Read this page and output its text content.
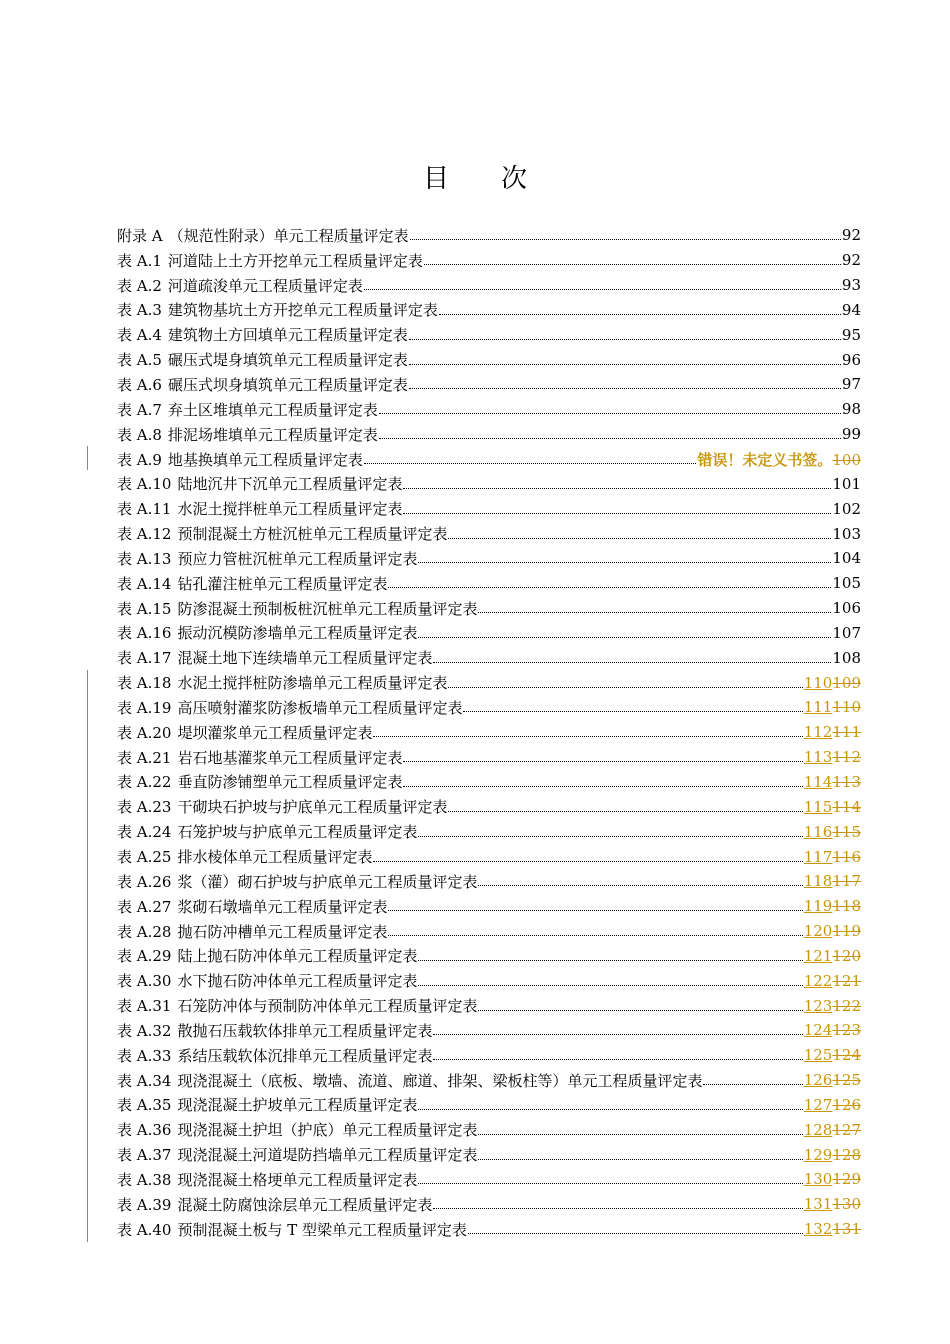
目 次
附录 A （规范性附录）单元工程质量评定表	92
表 A.1 河道陆上土方开挖单元工程质量评定表	92
表 A.2 河道疏浚单元工程质量评定表	93
表 A.3 建筑物基坑土方开挖单元工程质量评定表	94
表 A.4 建筑物土方回填单元工程质量评定表	95
表 A.5 碾压式堤身填筑单元工程质量评定表	96
表 A.6 碾压式坝身填筑单元工程质量评定表	97
表 A.7 弃土区堆填单元工程质量评定表	98
表 A.8 排泥场堆填单元工程质量评定表	99
表 A.9 地基换填单元工程质量评定表	错误！未定义书签。100
表 A.10 陆地沉井下沉单元工程质量评定表	101
表 A.11 水泥土搅拌桩单元工程质量评定表	102
表 A.12 预制混凝土方桩沉桩单元工程质量评定表	103
表 A.13 预应力管桩沉桩单元工程质量评定表	104
表 A.14 钻孔灌注桩单元工程质量评定表	105
表 A.15 防渗混凝土预制板桩沉桩单元工程质量评定表	106
表 A.16 振动沉模防渗墙单元工程质量评定表	107
表 A.17 混凝土地下连续墙单元工程质量评定表	108
表 A.18 水泥土搅拌桩防渗墙单元工程质量评定表	110109
表 A.19 高压喷射灌浆防渗板墙单元工程质量评定表	111110
表 A.20 堤坝灌浆单元工程质量评定表	112111
表 A.21 岩石地基灌浆单元工程质量评定表	113112
表 A.22 垂直防渗铺塑单元工程质量评定表	114113
表 A.23 干砌块石护坡与护底单元工程质量评定表	115114
表 A.24 石笼护坡与护底单元工程质量评定表	116115
表 A.25 排水棱体单元工程质量评定表	117116
表 A.26 浆（灌）砌石护坡与护底单元工程质量评定表	118117
表 A.27 浆砌石墩墙单元工程质量评定表	119118
表 A.28 抛石防冲槽单元工程质量评定表	120119
表 A.29 陆上抛石防冲体单元工程质量评定表	121120
表 A.30 水下抛石防冲体单元工程质量评定表	122121
表 A.31 石笼防冲体与预制防冲体单元工程质量评定表	123122
表 A.32 散抛石压载软体排单元工程质量评定表	124123
表 A.33 系结压载软体沉排单元工程质量评定表	125124
表 A.34 现浇混凝土（底板、墩墙、流道、廊道、排架、梁板柱等）单元工程质量评定表	126125
表 A.35 现浇混凝土护坡单元工程质量评定表	127126
表 A.36 现浇混凝土护坦（护底）单元工程质量评定表	128127
表 A.37 现浇混凝土河道堤防挡墙单元工程质量评定表	129128
表 A.38 现浇混凝土格埂单元工程质量评定表	130129
表 A.39 混凝土防腐蚀涂层单元工程质量评定表	131130
表 A.40 预制混凝土板与 T 型梁单元工程质量评定表	132131
